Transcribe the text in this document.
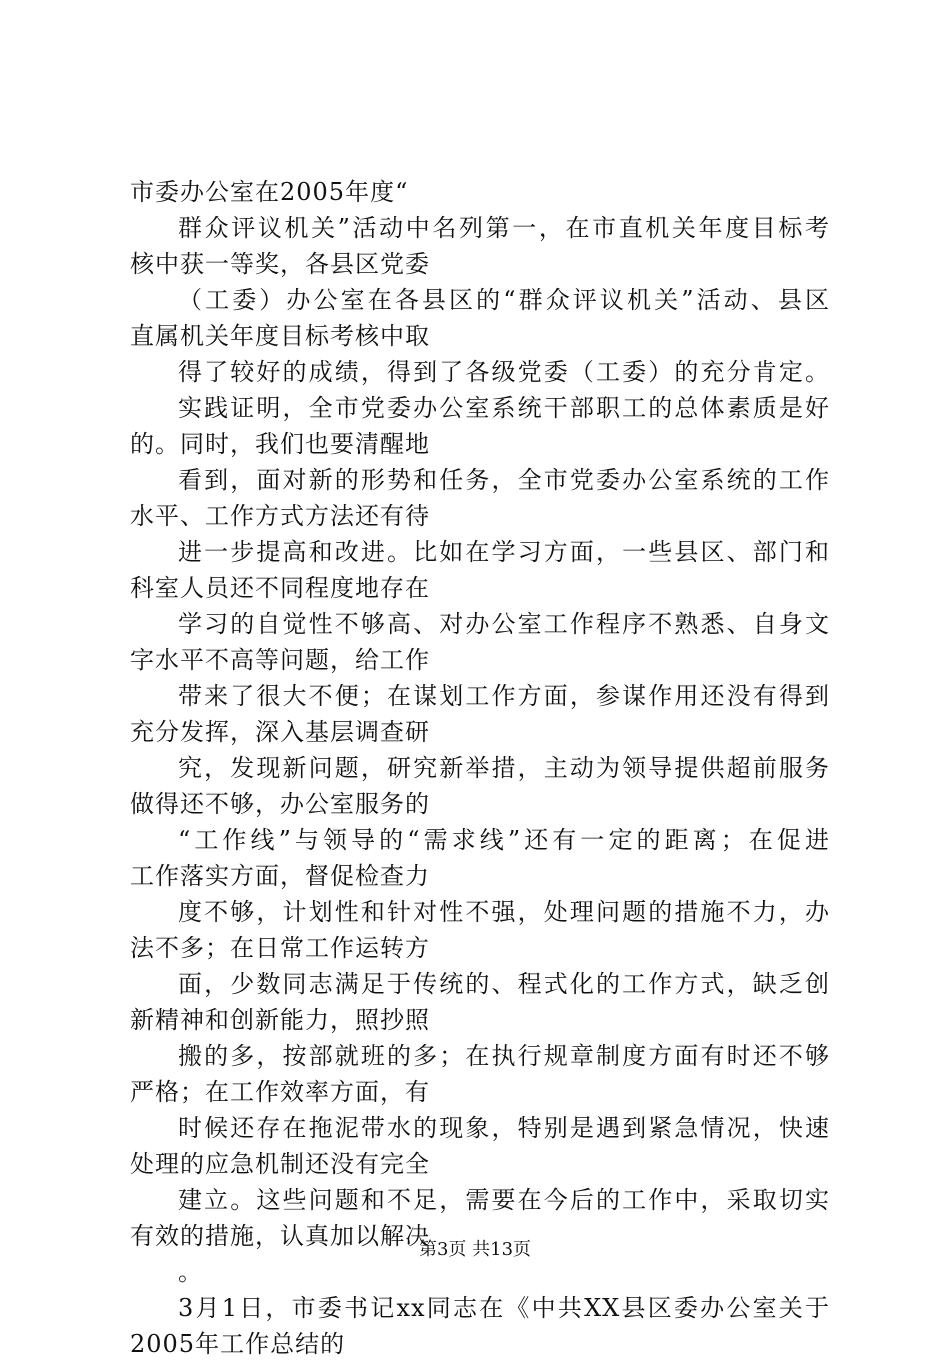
市委办公室在2005年度“
群众评议机关”活动中名列第一，在市直机关年度目标考
核中获一等奖，各县区党委
（工委）办公室在各县区的“群众评议机关”活动、县区
直属机关年度目标考核中取
得了较好的成绩，得到了各级党委（工委）的充分肯定。
实践证明，全市党委办公室系统干部职工的总体素质是好
的。同时，我们也要清醒地
看到，面对新的形势和任务，全市党委办公室系统的工作
水平、工作方式方法还有待
进一步提高和改进。比如在学习方面，一些县区、部门和
科室人员还不同程度地存在
学习的自觉性不够高、对办公室工作程序不熟悉、自身文
字水平不高等问题，给工作
带来了很大不便；在谋划工作方面，参谋作用还没有得到
充分发挥，深入基层调查研
究，发现新问题，研究新举措，主动为领导提供超前服务
做得还不够，办公室服务的
“工作线”与领导的“需求线”还有一定的距离；在促进
工作落实方面，督促检查力
度不够，计划性和针对性不强，处理问题的措施不力，办
法不多；在日常工作运转方
面，少数同志满足于传统的、程式化的工作方式，缺乏创
新精神和创新能力，照抄照
搬的多，按部就班的多；在执行规章制度方面有时还不够
严格；在工作效率方面，有
时候还存在拖泥带水的现象，特别是遇到紧急情况，快速
处理的应急机制还没有完全
建立。这些问题和不足，需要在今后的工作中，采取切实
有效的措施，认真加以解决
。
3月1日，市委书记xx同志在《中共XX县区委办公室关于
2005年工作总结的
第3页 共13页
